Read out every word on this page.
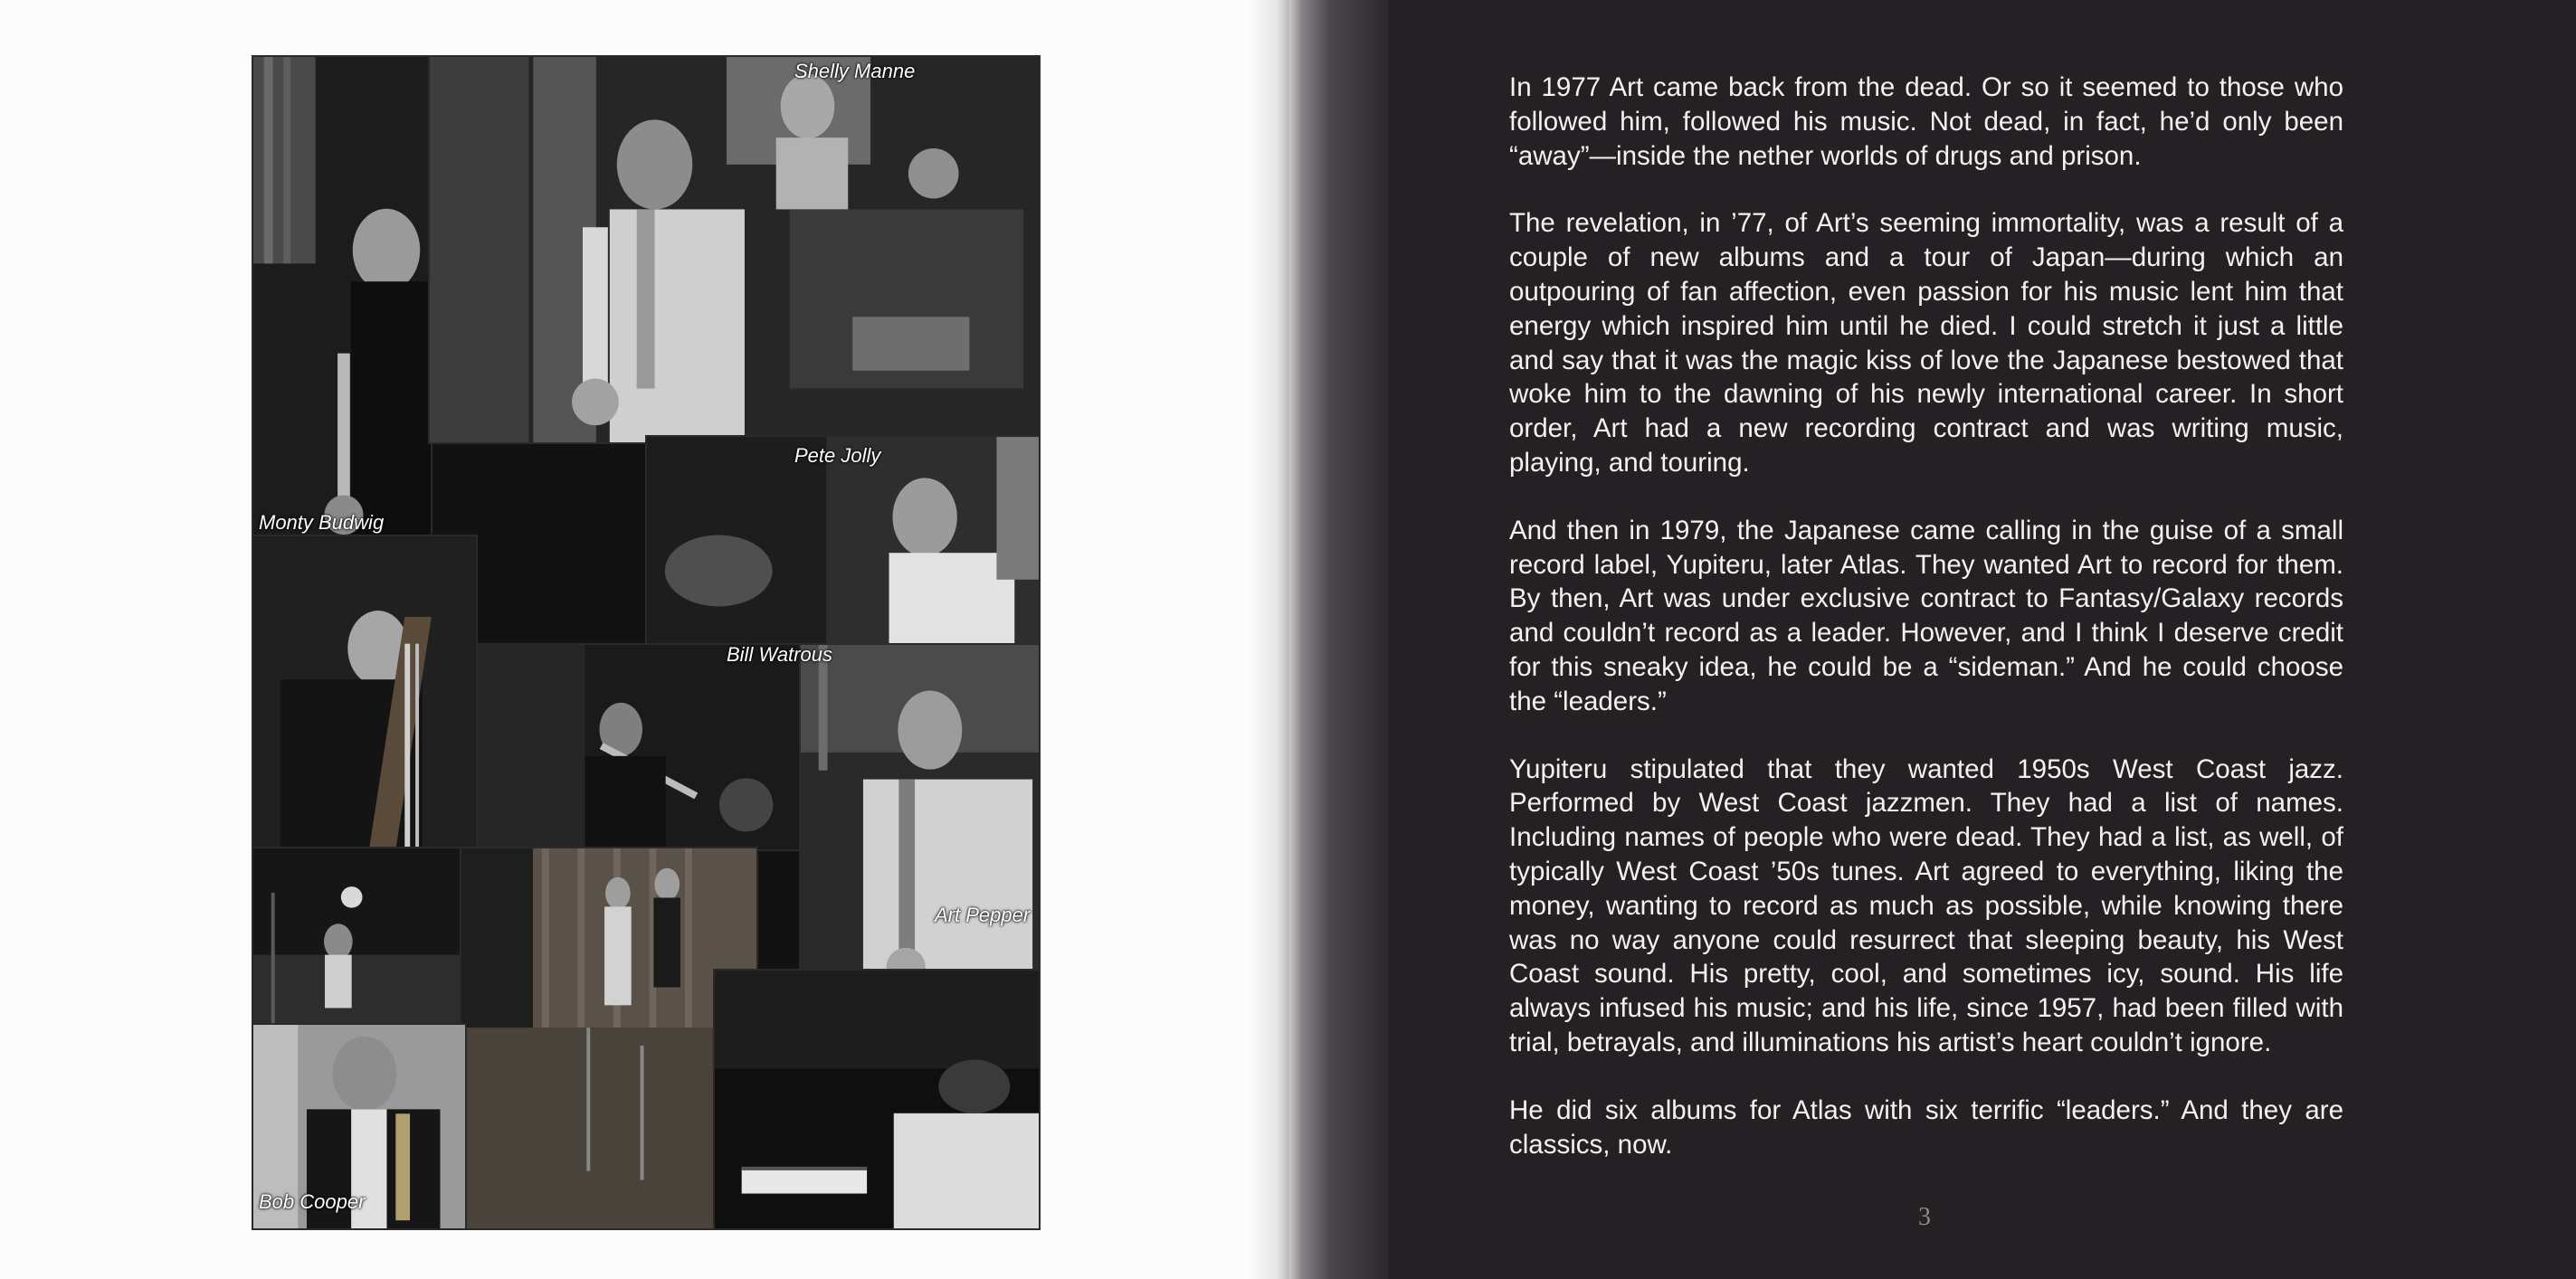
Shelly Manne
Pete Jolly
Monty Budwig
Bill Watrous
Art Pepper
Bob Cooper

In 1977 Art came back from the dead. Or so it seemed to those who followed him, followed his music. Not dead, in fact, he’d only been “away”—inside the nether worlds of drugs and prison.

The revelation, in ’77, of Art’s seeming immortality, was a result of a couple of new albums and a tour of Japan—during which an outpouring of fan affection, even passion for his music lent him that energy which inspired him until he died. I could stretch it just a little and say that it was the magic kiss of love the Japanese bestowed that woke him to the dawning of his newly international career. In short order, Art had a new recording contract and was writing music, playing, and touring.

And then in 1979, the Japanese came calling in the guise of a small record label, Yupiteru, later Atlas. They wanted Art to record for them. By then, Art was under exclusive contract to Fantasy/Galaxy records and couldn’t record as a leader. However, and I think I deserve credit for this sneaky idea, he could be a “sideman.” And he could choose the “leaders.”

Yupiteru stipulated that they wanted 1950s West Coast jazz. Performed by West Coast jazzmen. They had a list of names. Including names of people who were dead. They had a list, as well, of typically West Coast ’50s tunes. Art agreed to everything, liking the money, wanting to record as much as possible, while knowing there was no way anyone could resurrect that sleeping beauty, his West Coast sound. His pretty, cool, and sometimes icy, sound. His life always infused his music; and his life, since 1957, had been filled with trial, betrayals, and illuminations his artist’s heart couldn’t ignore.

He did six albums for Atlas with six terrific “leaders.” And they are classics, now.

3
